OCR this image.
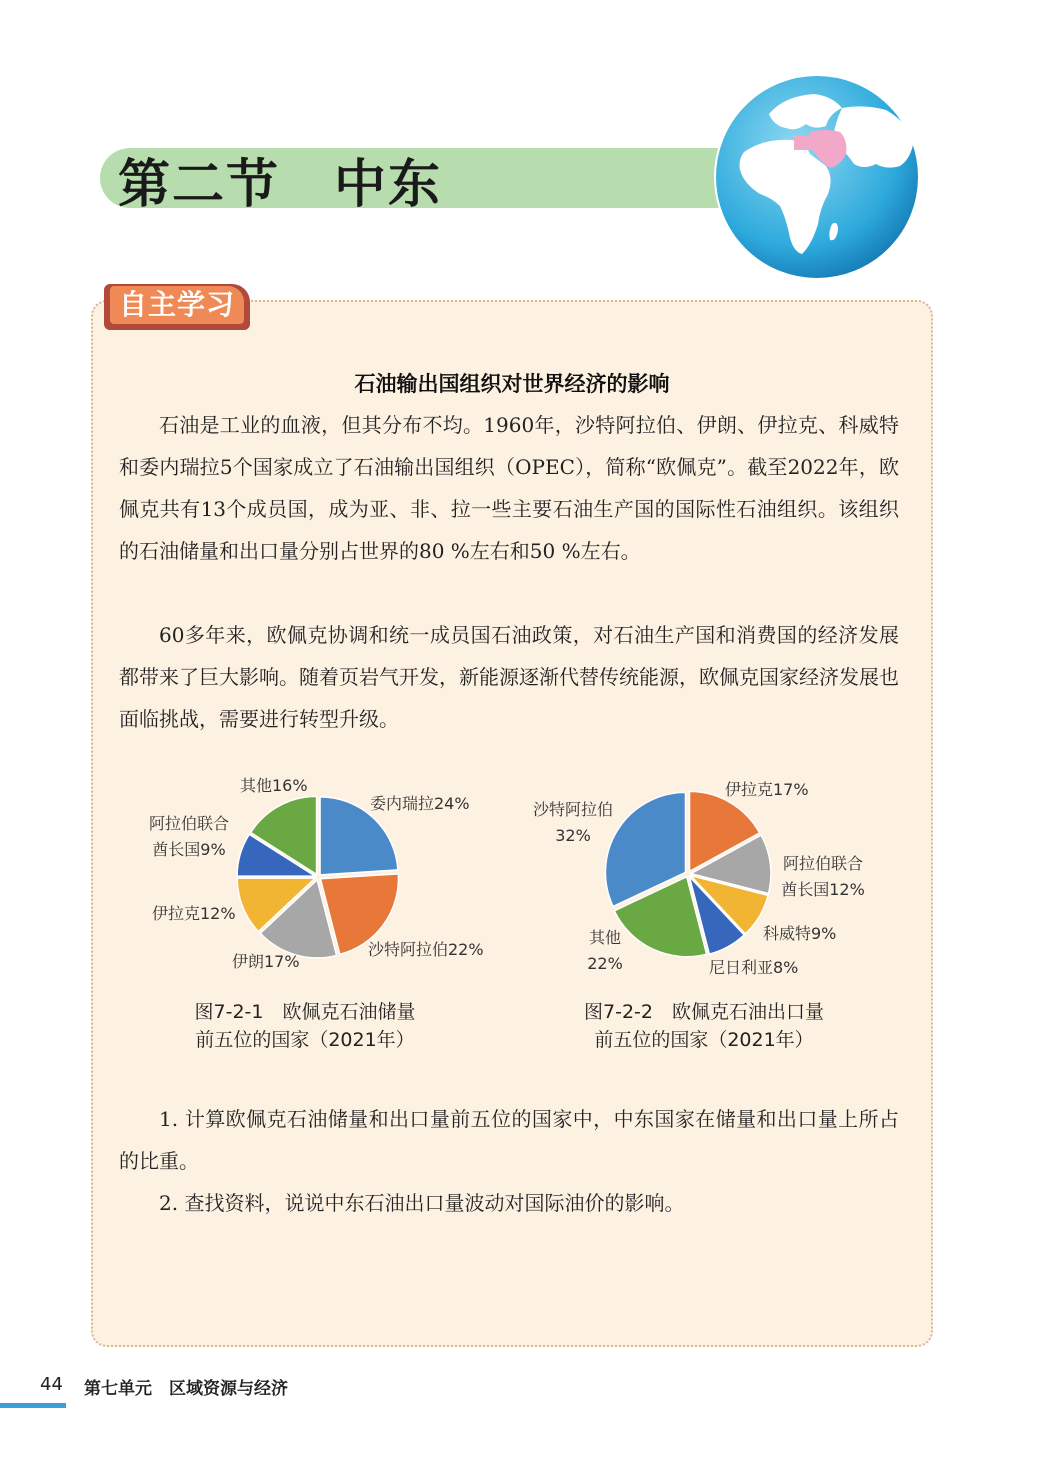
第二节　中东
自主学习
石油输出国组织对世界经济的影响

石油是工业的血液，但其分布不均。1960年，沙特阿拉伯、伊朗、伊拉克、科威特和委内瑞拉5个国家成立了石油输出国组织（OPEC），简称“欧佩克”。截至2022年，欧佩克共有13个成员国，成为亚、非、拉一些主要石油生产国的国际性石油组织。该组织的石油储量和出口量分别占世界的80 %左右和50 %左右。

60多年来，欧佩克协调和统一成员国石油政策，对石油生产国和消费国的经济发展都带来了巨大影响。随着页岩气开发，新能源逐渐代替传统能源，欧佩克国家经济发展也面临挑战，需要进行转型升级。

其他16%
委内瑞拉24%
阿拉伯联合
酋长国9%
伊拉克12%
伊朗17%
沙特阿拉伯22%
沙特阿拉伯
32%
伊拉克17%
阿拉伯联合
酋长国12%
科威特9%
尼日利亚8%
其他
22%
图7-2-1　欧佩克石油储量
前五位的国家（2021年）
图7-2-2　欧佩克石油出口量
前五位的国家（2021年）

1. 计算欧佩克石油储量和出口量前五位的国家中，中东国家在储量和出口量上所占的比重。

2. 查找资料，说说中东石油出口量波动对国际油价的影响。

44 第七单元　区域资源与经济
